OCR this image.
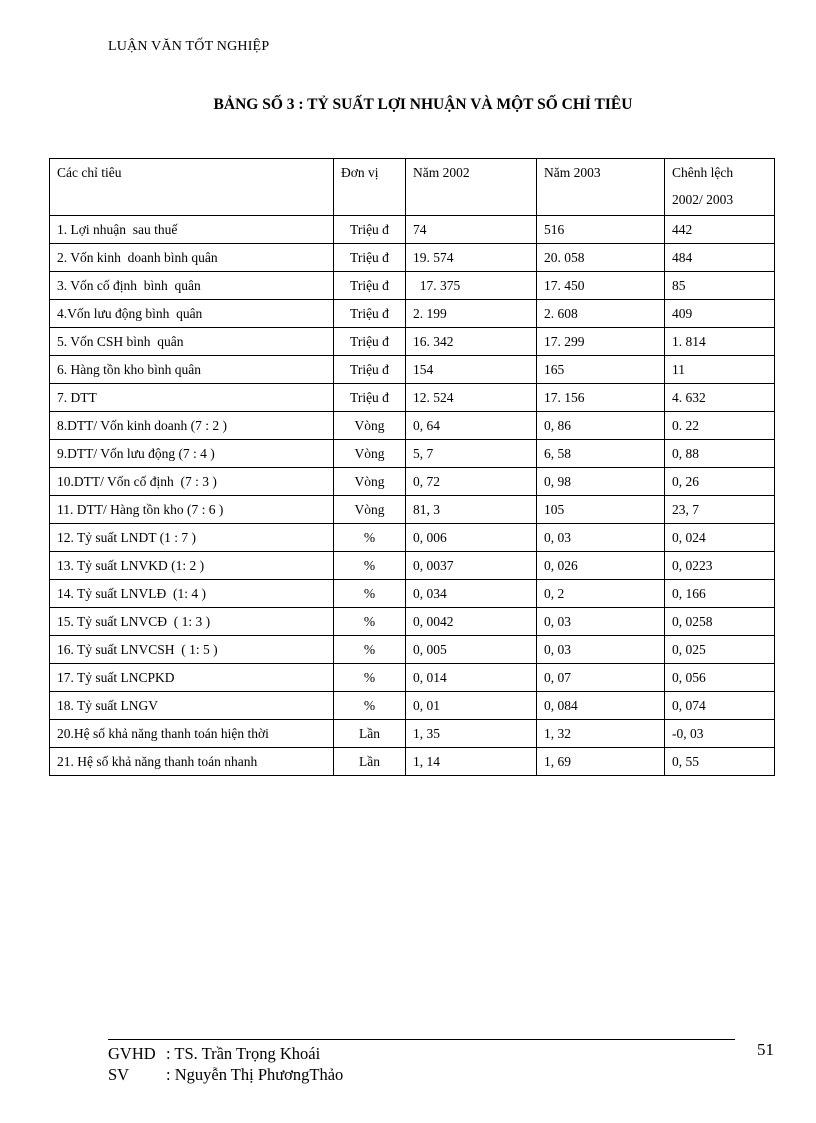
LUẬN VĂN TỐT NGHIỆP
BẢNG SỐ 3 : TỶ SUẤT LỢI NHUẬN VÀ MỘT SỐ CHỈ TIÊU
Các chỉ tiêu	Đơn vị	Năm 2002	Năm 2003	Chênh lệch 2002/ 2003
1. Lợi nhuận  sau thuế	Triệu đ	74	516	442
2. Vốn kinh  doanh bình quân	Triệu đ	19. 574	20. 058	484
3. Vốn cố định  bình  quân	Triệu đ	17. 375	17. 450	85
4.Vốn lưu động bình  quân	Triệu đ	2. 199	2. 608	409
5. Vốn CSH bình  quân	Triệu đ	16. 342	17. 299	1. 814
6. Hàng tồn kho bình quân	Triệu đ	154	165	11
7. DTT	Triệu đ	12. 524	17. 156	4. 632
8.DTT/ Vốn kinh doanh (7 : 2 )	Vòng	0, 64	0, 86	0. 22
9.DTT/ Vốn lưu động (7 : 4 )	Vòng	5, 7	6, 58	0, 88
10.DTT/ Vốn cố định  (7 : 3 )	Vòng	0, 72	0, 98	0, 26
11. DTT/ Hàng tồn kho (7 : 6 )	Vòng	81, 3	105	23, 7
12. Tỷ suất LNDT (1 : 7 )	%	0, 006	0, 03	0, 024
13. Tỷ suất LNVKD (1: 2 )	%	0, 0037	0, 026	0, 0223
14. Tỷ suất LNVLĐ  (1: 4 )	%	0, 034	0, 2	0, 166
15. Tỷ suất LNVCĐ  ( 1: 3 )	%	0, 0042	0, 03	0, 0258
16. Tỷ suất LNVCSH  ( 1: 5 )	%	0, 005	0, 03	0, 025
17. Tỷ suất LNCPKD	%	0, 014	0, 07	0, 056
18. Tỷ suất LNGV	%	0, 01	0, 084	0, 074
20.Hệ số khả năng thanh toán hiện thời	Lần	1, 35	1, 32	-0, 03
21. Hệ số khả năng thanh toán nhanh	Lần	1, 14	1, 69	0, 55
GVHD : TS. Trần Trọng Khoái
SV : Nguyễn Thị PhươngThảo
51
